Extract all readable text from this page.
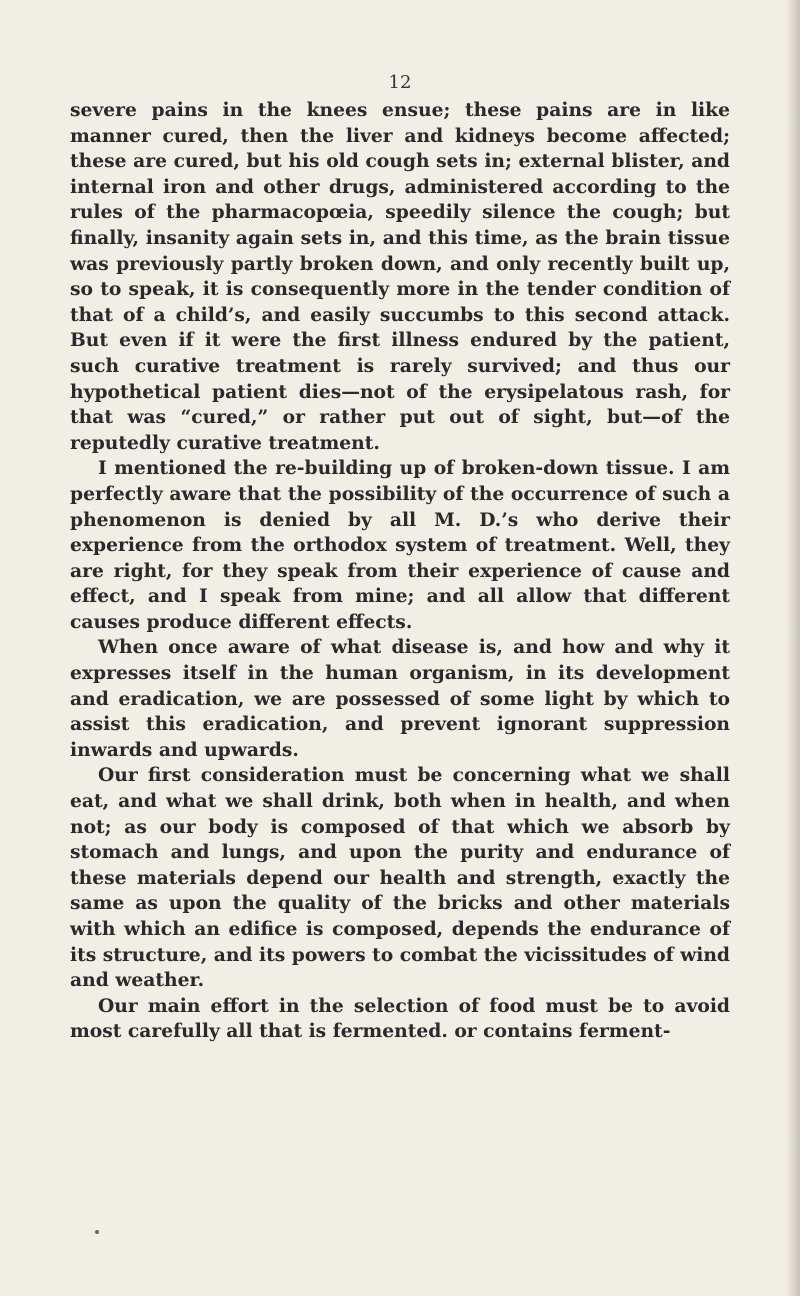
12

severe pains in the knees ensue; these pains are in like manner cured, then the liver and kidneys become affected; these are cured, but his old cough sets in; external blister, and internal iron and other drugs, administered according to the rules of the pharmacopœia, speedily silence the cough; but finally, insanity again sets in, and this time, as the brain tissue was previously partly broken down, and only recently built up, so to speak, it is consequently more in the tender condition of that of a child’s, and easily succumbs to this second attack. But even if it were the first illness endured by the patient, such curative treatment is rarely survived; and thus our hypothetical patient dies—not of the erysipelatous rash, for that was “cured,” or rather put out of sight, but—of the reputedly curative treatment.

I mentioned the re-building up of broken-down tissue. I am perfectly aware that the possibility of the occurrence of such a phenomenon is denied by all M. D.’s who derive their experience from the orthodox system of treatment. Well, they are right, for they speak from their experience of cause and effect, and I speak from mine; and all allow that different causes produce different effects.

When once aware of what disease is, and how and why it expresses itself in the human organism, in its development and eradication, we are possessed of some light by which to assist this eradication, and prevent ignorant suppression inwards and upwards.

Our first consideration must be concerning what we shall eat, and what we shall drink, both when in health, and when not; as our body is composed of that which we absorb by stomach and lungs, and upon the purity and endurance of these materials depend our health and strength, exactly the same as upon the quality of the bricks and other materials with which an edifice is composed, depends the endurance of its structure, and its powers to combat the vicissitudes of wind and weather.

Our main effort in the selection of food must be to avoid most carefully all that is fermented. or contains ferment-
